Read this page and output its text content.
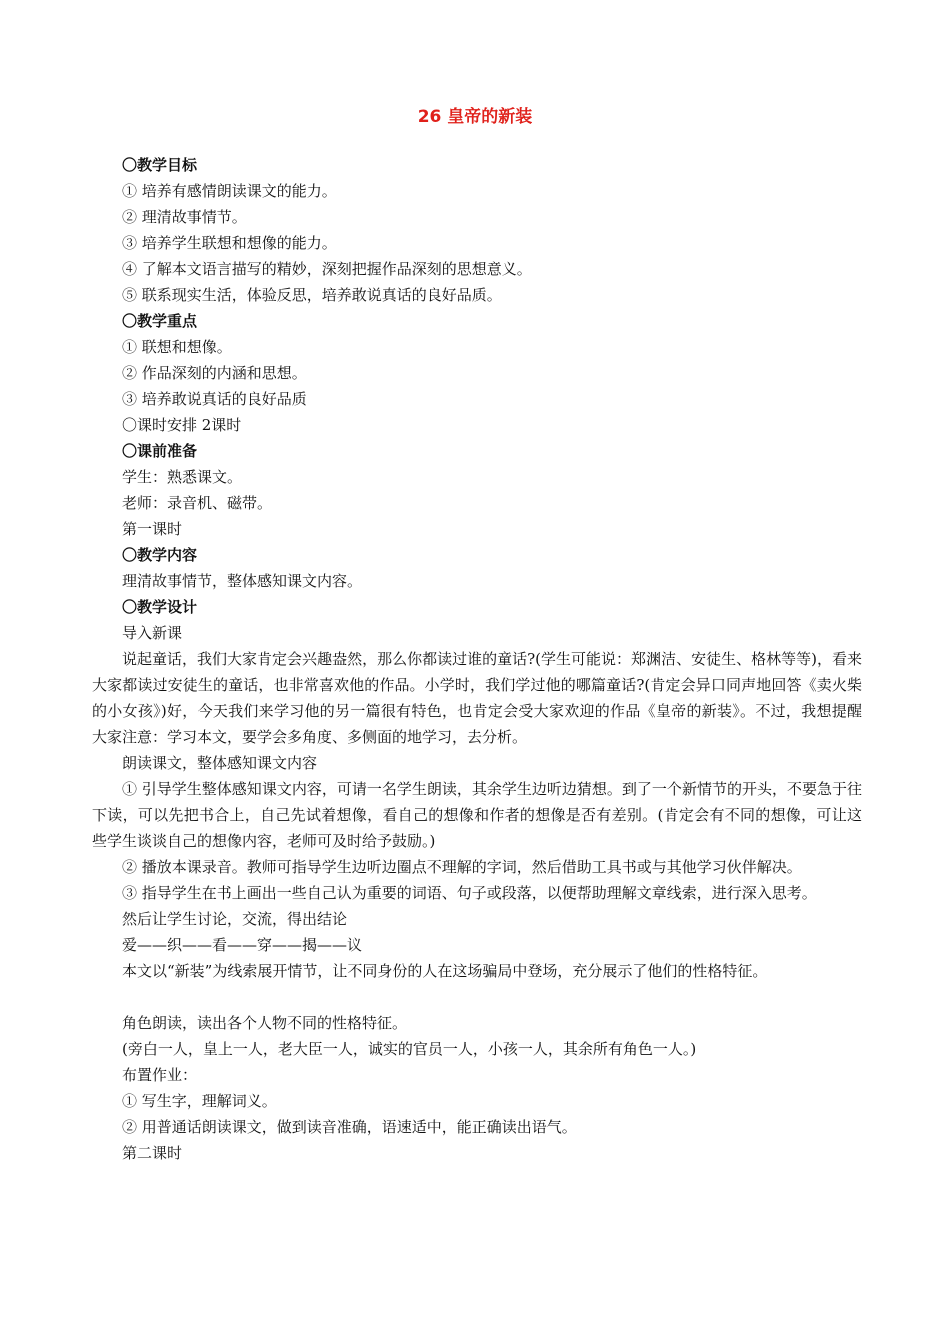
26 皇帝的新装
〇教学目标
① 培养有感情朗读课文的能力。
② 理清故事情节。
③ 培养学生联想和想像的能力。
④ 了解本文语言描写的精妙，深刻把握作品深刻的思想意义。
⑤ 联系现实生活，体验反思，培养敢说真话的良好品质。
〇教学重点
① 联想和想像。
② 作品深刻的内涵和思想。
③ 培养敢说真话的良好品质
〇课时安排 2课时
〇课前准备
学生：熟悉课文。
老师：录音机、磁带。
第一课时
〇教学内容
理清故事情节，整体感知课文内容。
〇教学设计
导入新课
说起童话，我们大家肯定会兴趣盎然，那么你都读过谁的童话?(学生可能说：郑渊洁、安徒生、格林等等)，看来大家都读过安徒生的童话，也非常喜欢他的作品。小学时，我们学过他的哪篇童话?(肯定会异口同声地回答《卖火柴的小女孩》)好，今天我们来学习他的另一篇很有特色，也肯定会受大家欢迎的作品《皇帝的新装》。不过，我想提醒大家注意：学习本文，要学会多角度、多侧面的地学习，去分析。
朗读课文，整体感知课文内容
① 引导学生整体感知课文内容，可请一名学生朗读，其余学生边听边猜想。到了一个新情节的开头，不要急于往下读，可以先把书合上，自己先试着想像，看自己的想像和作者的想像是否有差别。(肯定会有不同的想像，可让这些学生谈谈自己的想像内容，老师可及时给予鼓励。)
② 播放本课录音。教师可指导学生边听边圈点不理解的字词，然后借助工具书或与其他学习伙伴解决。
③ 指导学生在书上画出一些自己认为重要的词语、句子或段落，以便帮助理解文章线索，进行深入思考。
然后让学生讨论，交流，得出结论
爱——织——看——穿——揭——议
本文以“新装”为线索展开情节，让不同身份的人在这场骗局中登场，充分展示了他们的性格特征。
角色朗读，读出各个人物不同的性格特征。
(旁白一人，皇上一人，老大臣一人，诚实的官员一人，小孩一人，其余所有角色一人。)
布置作业：
① 写生字，理解词义。
② 用普通话朗读课文，做到读音准确，语速适中，能正确读出语气。
第二课时
